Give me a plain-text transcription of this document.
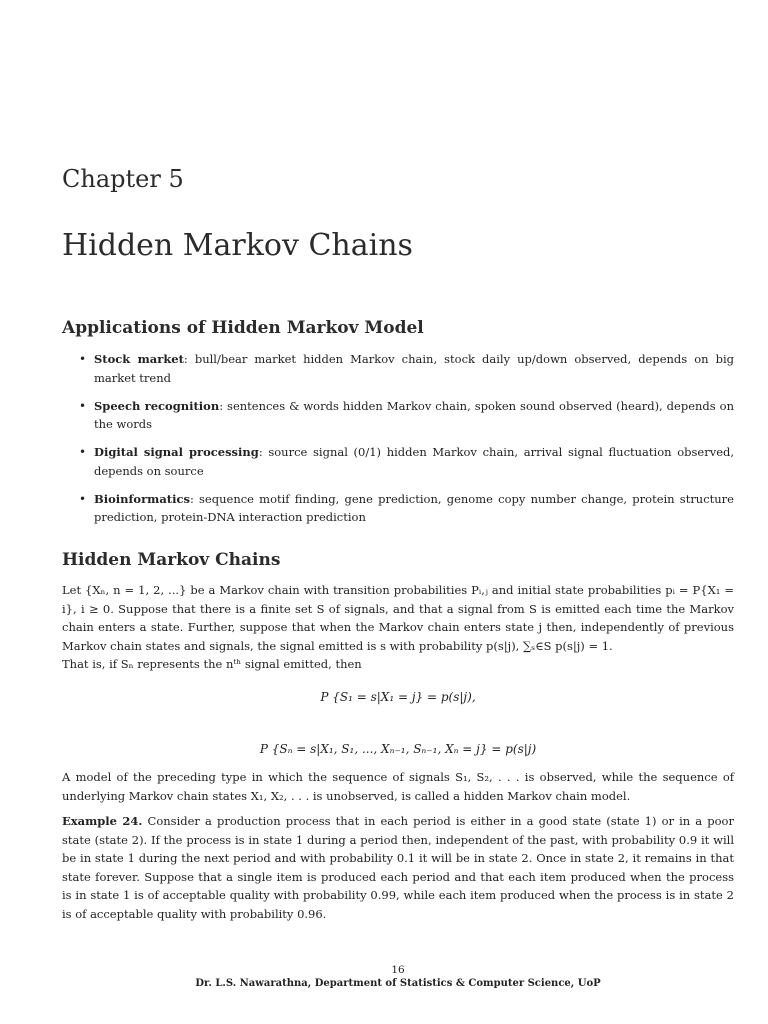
Chapter 5
Hidden Markov Chains
Applications of Hidden Markov Model
• Stock market: bull/bear market hidden Markov chain, stock daily up/down observed, depends on big market trend
• Speech recognition: sentences & words hidden Markov chain, spoken sound observed (heard), depends on the words
• Digital signal processing: source signal (0/1) hidden Markov chain, arrival signal fluctuation observed, depends on source
• Bioinformatics: sequence motif finding, gene prediction, genome copy number change, protein structure prediction, protein-DNA interaction prediction
Hidden Markov Chains

Let {Xₙ, n = 1, 2, ...} be a Markov chain with transition probabilities Pᵢ,ⱼ and initial state probabilities pᵢ = P{X₁ = i}, i ≥ 0. Suppose that there is a finite set S of signals, and that a signal from S is emitted each time the Markov chain enters a state. Further, suppose that when the Markov chain enters state j then, independently of previous Markov chain states and signals, the signal emitted is s with probability p(s|j), ∑ₛ∈S p(s|j) = 1.

That is, if Sₙ represents the nᵗʰ signal emitted, then

P {S₁ = s|X₁ = j} = p(s|j),
P {Sₙ = s|X₁, S₁, ..., Xₙ₋₁, Sₙ₋₁, Xₙ = j} = p(s|j)

A model of the preceding type in which the sequence of signals S₁, S₂, . . . is observed, while the sequence of underlying Markov chain states X₁, X₂, . . . is unobserved, is called a hidden Markov chain model.

Example 24. Consider a production process that in each period is either in a good state (state 1) or in a poor state (state 2). If the process is in state 1 during a period then, independent of the past, with probability 0.9 it will be in state 1 during the next period and with probability 0.1 it will be in state 2. Once in state 2, it remains in that state forever. Suppose that a single item is produced each period and that each item produced when the process is in state 1 is of acceptable quality with probability 0.99, while each item produced when the process is in state 2 is of acceptable quality with probability 0.96.

16
Dr. L.S. Nawarathna, Department of Statistics & Computer Science, UoP
